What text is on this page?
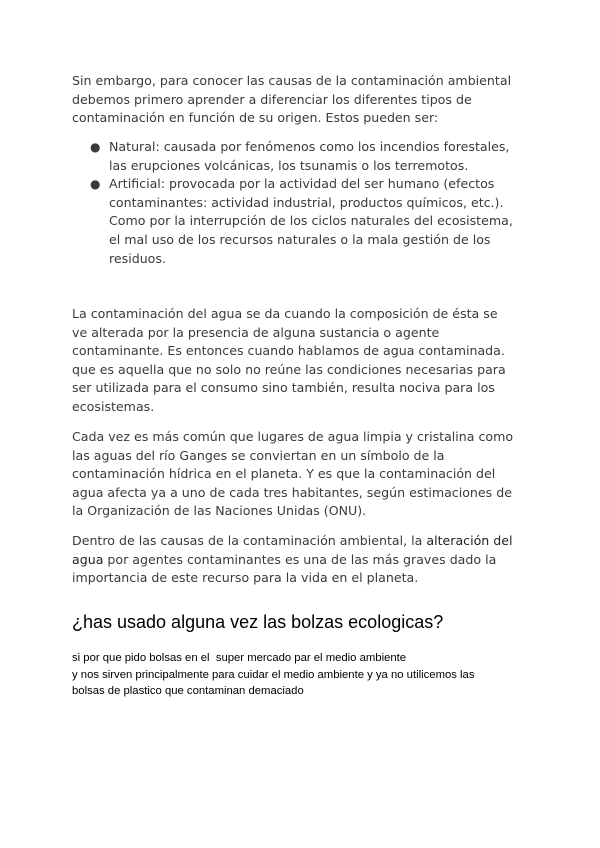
Sin embargo, para conocer las causas de la contaminación ambiental
debemos primero aprender a diferenciar los diferentes tipos de
contaminación en función de su origen. Estos pueden ser:

● Natural: causada por fenómenos como los incendios forestales,
las erupciones volcánicas, los tsunamis o los terremotos.
● Artificial: provocada por la actividad del ser humano (efectos
contaminantes: actividad industrial, productos químicos, etc.).
Como por la interrupción de los ciclos naturales del ecosistema,
el mal uso de los recursos naturales o la mala gestión de los
residuos.

La contaminación del agua se da cuando la composición de ésta se
ve alterada por la presencia de alguna sustancia o agente
contaminante. Es entonces cuando hablamos de agua contaminada.
que es aquella que no solo no reúne las condiciones necesarias para
ser utilizada para el consumo sino también, resulta nociva para los
ecosistemas.

Cada vez es más común que lugares de agua limpia y cristalina como
las aguas del río Ganges se conviertan en un símbolo de la
contaminación hídrica en el planeta. Y es que la contaminación del
agua afecta ya a uno de cada tres habitantes, según estimaciones de
la Organización de las Naciones Unidas (ONU).

Dentro de las causas de la contaminación ambiental, la alteración del
agua por agentes contaminantes es una de las más graves dado la
importancia de este recurso para la vida en el planeta.

¿has usado alguna vez las bolzas ecologicas?

si por que pido bolsas en el  super mercado par el medio ambiente
y nos sirven principalmente para cuidar el medio ambiente y ya no utilicemos las
bolsas de plastico que contaminan demaciado
